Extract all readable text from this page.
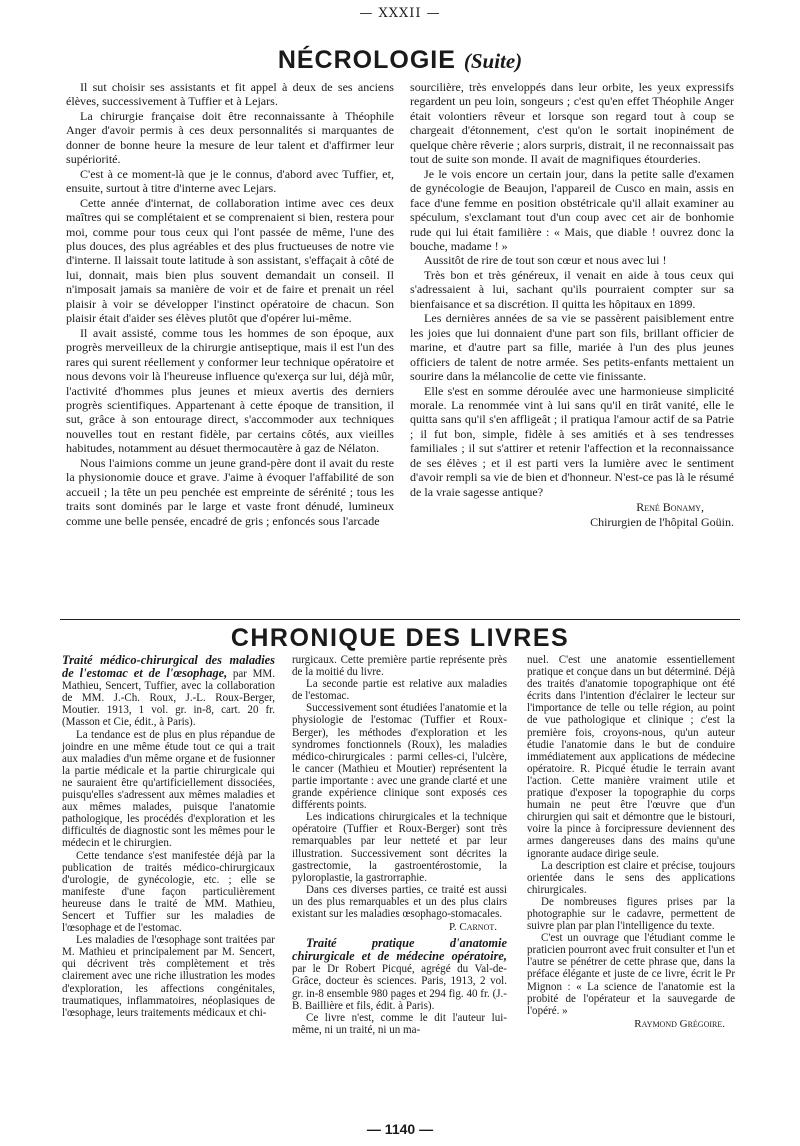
— XXXII —
NÉCROLOGIE (Suite)

Il sut choisir ses assistants et fit appel à deux de ses anciens élèves, successivement à Tuffier et à Lejars.

La chirurgie française doit être reconnaissante à Théophile Anger d'avoir permis à ces deux personnalités si marquantes de donner de bonne heure la mesure de leur talent et d'affirmer leur supériorité.

C'est à ce moment-là que je le connus, d'abord avec Tuffier, et, ensuite, surtout à titre d'interne avec Lejars.

Cette année d'internat, de collaboration intime avec ces deux maîtres qui se complétaient et se comprenaient si bien, restera pour moi, comme pour tous ceux qui l'ont passée de même, l'une des plus douces, des plus agréables et des plus fructueuses de notre vie d'interne. Il laissait toute latitude à son assistant, s'effaçait à côté de lui, donnait, mais bien plus souvent demandait un conseil. Il n'imposait jamais sa manière de voir et de faire et prenait un réel plaisir à voir se développer l'instinct opératoire de chacun. Son plaisir était d'aider ses élèves plutôt que d'opérer lui-même.

Il avait assisté, comme tous les hommes de son époque, aux progrès merveilleux de la chirurgie antiseptique, mais il est l'un des rares qui surent réellement y conformer leur technique opératoire et nous devons voir là l'heureuse influence qu'exerça sur lui, déjà mûr, l'activité d'hommes plus jeunes et mieux avertis des derniers progrès scientifiques. Appartenant à cette époque de transition, il sut, grâce à son entourage direct, s'accommoder aux techniques nouvelles tout en restant fidèle, par certains côtés, aux vieilles habitudes, notamment au désuet thermocautère à gaz de Nélaton.

Nous l'aimions comme un jeune grand-père dont il avait du reste la physionomie douce et grave. J'aime à évoquer l'affabilité de son accueil ; la tête un peu penchée est empreinte de sérénité ; tous les traits sont dominés par le large et vaste front dénudé, lumineux comme une belle pensée, encadré de gris ; enfoncés sous l'arcade

sourcilière, très enveloppés dans leur orbite, les yeux expressifs regardent un peu loin, songeurs ; c'est qu'en effet Théophile Anger était volontiers rêveur et lorsque son regard tout à coup se chargeait d'étonnement, c'est qu'on le sortait inopinément de quelque chère rêverie ; alors surpris, distrait, il ne reconnaissait pas tout de suite son monde. Il avait de magnifiques étourderies.

Je le vois encore un certain jour, dans la petite salle d'examen de gynécologie de Beaujon, l'appareil de Cusco en main, assis en face d'une femme en position obstétricale qu'il allait examiner au spéculum, s'exclamant tout d'un coup avec cet air de bonhomie rude qui lui était familière : « Mais, que diable ! ouvrez donc la bouche, madame ! »

Aussitôt de rire de tout son cœur et nous avec lui !

Très bon et très généreux, il venait en aide à tous ceux qui s'adressaient à lui, sachant qu'ils pourraient compter sur sa bienfaisance et sa discrétion. Il quitta les hôpitaux en 1899.

Les dernières années de sa vie se passèrent paisiblement entre les joies que lui donnaient d'une part son fils, brillant officier de marine, et d'autre part sa fille, mariée à l'un des plus jeunes officiers de talent de notre armée. Ses petits-enfants mettaient un sourire dans la mélancolie de cette vie finissante.

Elle s'est en somme déroulée avec une harmonieuse simplicité morale. La renommée vint à lui sans qu'il en tirât vanité, elle le quitta sans qu'il s'en affligeât ; il pratiqua l'amour actif de sa Patrie ; il fut bon, simple, fidèle à ses amitiés et à ses tendresses familiales ; il sut s'attirer et retenir l'affection et la reconnaissance de ses élèves ; et il est parti vers la lumière avec le sentiment d'avoir rempli sa vie de bien et d'honneur. N'est-ce pas là le résumé de la vraie sagesse antique?

René Bonamy,
Chirurgien de l'hôpital Goüin.
CHRONIQUE DES LIVRES

Traité médico-chirurgical des maladies de l'estomac et de l'œsophage, par MM. Mathieu, Sencert, Tuffier, avec la collaboration de MM. J.-Ch. Roux, J.-L. Roux-Berger, Moutier. 1913, 1 vol. gr. in-8, cart. 20 fr. (Masson et Cie, édit., à Paris).

La tendance est de plus en plus répandue de joindre en une même étude tout ce qui a trait aux maladies d'un même organe et de fusionner la partie médicale et la partie chirurgicale qui ne sauraient être qu'artificiellement dissociées, puisqu'elles s'adressent aux mêmes maladies et aux mêmes malades, puisque l'anatomie pathologique, les procédés d'exploration et les difficultés de diagnostic sont les mêmes pour le médecin et le chirurgien.

Cette tendance s'est manifestée déjà par la publication de traités médico-chirurgicaux d'urologie, de gynécologie, etc. ; elle se manifeste d'une façon particulièrement heureuse dans le traité de MM. Mathieu, Sencert et Tuffier sur les maladies de l'œsophage et de l'estomac.

Les maladies de l'œsophage sont traitées par M. Mathieu et principalement par M. Sencert, qui décrivent très complètement et très clairement avec une riche illustration les modes d'exploration, les affections congénitales, traumatiques, inflammatoires, néoplasiques de l'œsophage, leurs traitements médicaux et chi-

rurgicaux. Cette première partie représente près de la moitié du livre.

La seconde partie est relative aux maladies de l'estomac.

Successivement sont étudiées l'anatomie et la physiologie de l'estomac (Tuffier et Roux-Berger), les méthodes d'exploration et les syndromes fonctionnels (Roux), les maladies médico-chirurgicales : parmi celles-ci, l'ulcère, le cancer (Mathieu et Moutier) représentent la partie importante : avec une grande clarté et une grande expérience clinique sont exposés ces différents points.

Les indications chirurgicales et la technique opératoire (Tuffier et Roux-Berger) sont très remarquables par leur netteté et par leur illustration. Successivement sont décrites la gastrectomie, la gastroentérostomie, la pyloroplastie, la gastrorraphie.

Dans ces diverses parties, ce traité est aussi un des plus remarquables et un des plus clairs existant sur les maladies œsophago-stomacales.

P. Carnot.

Traité pratique d'anatomie chirurgicale et de médecine opératoire, par le Dr Robert Picqué, agrégé du Val-de-Grâce, docteur ès sciences. Paris, 1913, 2 vol. gr. in-8 ensemble 980 pages et 294 fig. 40 fr. (J.-B. Baillière et fils, édit. à Paris).

Ce livre n'est, comme le dit l'auteur lui-même, ni un traité, ni un ma-

nuel. C'est une anatomie essentiellement pratique et conçue dans un but déterminé. Déjà des traités d'anatomie topographique ont été écrits dans l'intention d'éclairer le lecteur sur l'importance de telle ou telle région, au point de vue pathologique et clinique ; c'est la première fois, croyons-nous, qu'un auteur étudie l'anatomie dans le but de conduire immédiatement aux applications de médecine opératoire. R. Picqué étudie le terrain avant l'action. Cette manière vraiment utile et pratique d'exposer la topographie du corps humain ne peut être l'œuvre que d'un chirurgien qui sait et démontre que le bistouri, voire la pince à forcipressure deviennent des armes dangereuses dans des mains qu'une ignorante audace dirige seule.

La description est claire et précise, toujours orientée dans le sens des applications chirurgicales.

De nombreuses figures prises par la photographie sur le cadavre, permettent de suivre plan par plan l'intelligence du texte.

C'est un ouvrage que l'étudiant comme le praticien pourront avec fruit consulter et l'un et l'autre se pénétrer de cette phrase que, dans la préface élégante et juste de ce livre, écrit le Pr Mignon : « La science de l'anatomie est la probité de l'opérateur et la sauvegarde de l'opéré. »

Raymond Grégoire.
— 1140 —
